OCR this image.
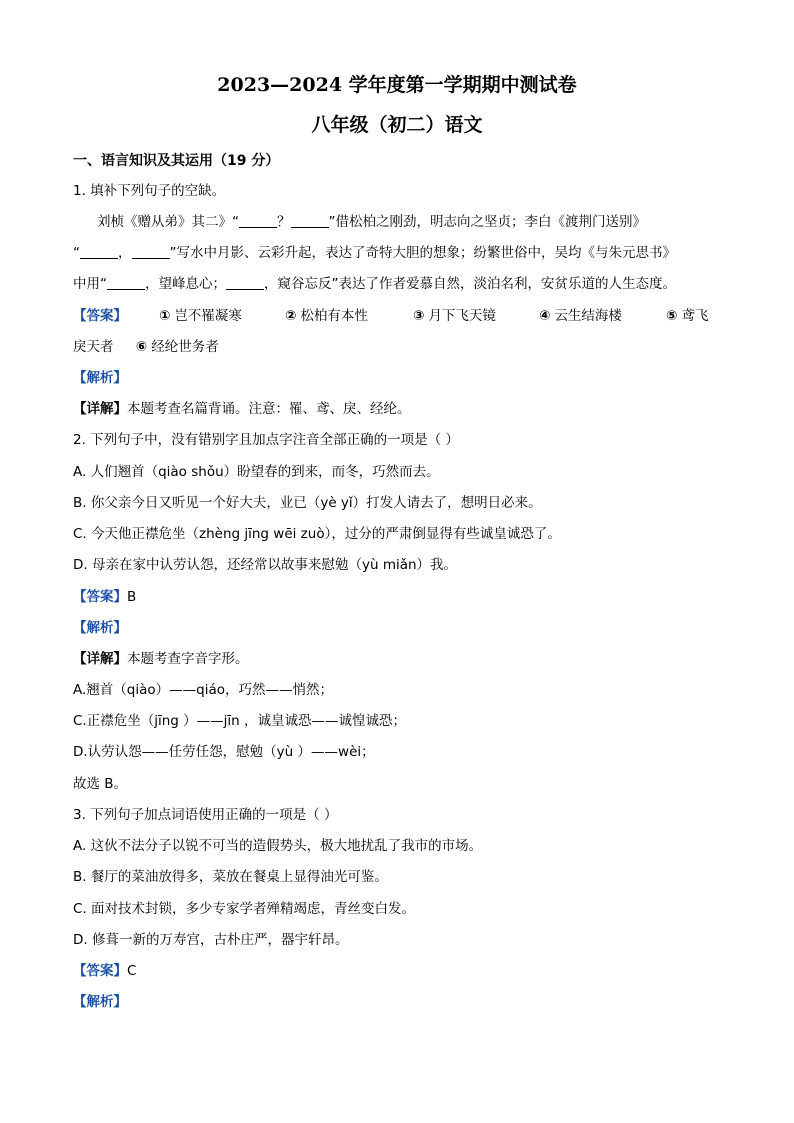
2023—2024 学年度第一学期期中测试卷
八年级（初二）语文
一、语言知识及其运用（19 分）
1. 填补下列句子的空缺。
刘桢《赠从弟》其二》“	？	”借松柏之刚劲，明志向之坚贞；李白《渡荆门送别》
“	，	”写水中月影、云彩升起，表达了奇特大胆的想象；纷繁世俗中，吴均《与朱元思书》
中用“	，望峰息心；	，窥谷忘反”表达了作者爱慕自然，淡泊名利，安贫乐道的人生态度。
【答案】 ① 岂不罹凝寒	② 松柏有本性	③ 月下飞天镜	④ 云生结海楼	⑤ 鸢飞
戾天者 ⑥ 经纶世务者
【解析】
【详解】本题考查名篇背诵。注意：罹、鸢、戾、经纶。
2. 下列句子中，没有错别字且加点字注音全部正确的一项是（ ）
A. 人们翘首（qiào shǒu）盼望春的到来，而冬，巧然而去。
B. 你父亲今日又听见一个好大夫，业已（yè yǐ）打发人请去了，想明日必来。
C. 今天他正襟危坐（zhèng jīng wēi zuò），过分的严肃倒显得有些诚皇诚恐了。
D. 母亲在家中认劳认怨，还经常以故事来慰勉（yù miǎn）我。
【答案】B
【解析】
【详解】本题考查字音字形。
A.翘首（qiào）——qiáo，巧然——悄然；
C.正襟危坐（jīng ）——jīn ，诚皇诚恐——诚惶诚恐；
D.认劳认怨——任劳任怨，慰勉（yù ）——wèi；
故选 B。
3. 下列句子加点词语使用正确的一项是（ ）
A. 这伙不法分子以锐不可当的造假势头，极大地扰乱了我市的市场。
B. 餐厅的菜油放得多，菜放在餐桌上显得油光可鉴。
C. 面对技术封锁，多少专家学者殚精竭虑，青丝变白发。
D. 修葺一新的万寿宫，古朴庄严，器宇轩昂。
【答案】C
【解析】
